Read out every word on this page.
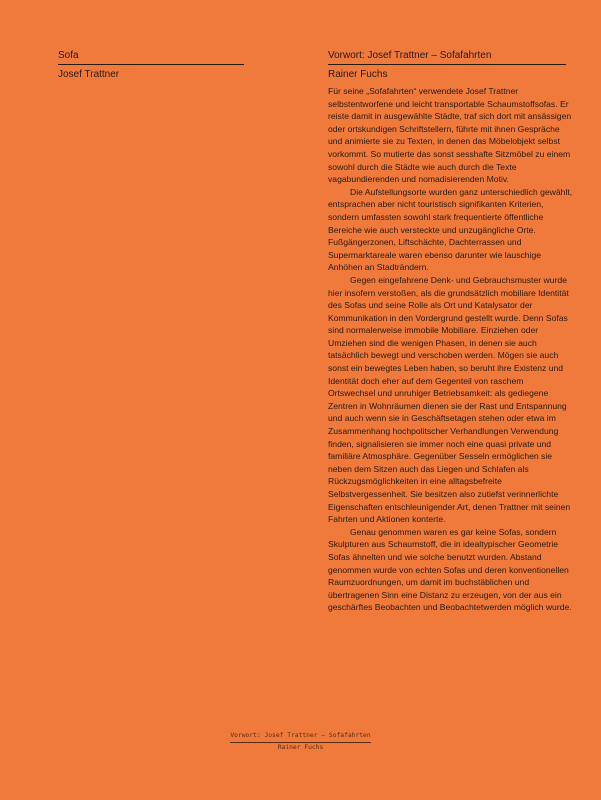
Sofa
Josef Trattner
Vorwort: Josef Trattner – Sofafahrten
Rainer Fuchs

Für seine „Sofafahrten“ verwendete Josef Trattner selbstentworfene und leicht transportable Schaumstoffsofas. Er reiste damit in ausgewählte Städte, traf sich dort mit ansässigen oder ortskundigen Schriftstellern, führte mit ihnen Gespräche und animierte sie zu Texten, in denen das Möbelobjekt selbst vorkommt. So mutierte das sonst sesshafte Sitzmöbel zu einem sowohl durch die Städte wie auch durch die Texte vagabundierenden und nomadisierenden Motiv.

Die Aufstellungsorte wurden ganz unterschiedlich gewählt, entsprachen aber nicht touristisch signifikanten Kriterien, sondern umfassten sowohl stark frequentierte öffentliche Bereiche wie auch versteckte und unzugängliche Orte. Fußgängerzonen, Liftschächte, Dachterrassen und Supermarktareale waren ebenso darunter wie lauschige Anhöhen an Stadträndern.

Gegen eingefahrene Denk- und Gebrauchsmuster wurde hier insofern verstoßen, als die grundsätzlich mobiliare Identität des Sofas und seine Rolle als Ort und Katalysator der Kommunikation in den Vordergrund gestellt wurde. Denn Sofas sind normalerweise immobile Mobiliare. Einziehen oder Umziehen sind die wenigen Phasen, in denen sie auch tatsächlich bewegt und verschoben werden. Mögen sie auch sonst ein bewegtes Leben haben, so beruht ihre Existenz und Identität doch eher auf dem Gegenteil von raschem Ortswechsel und unruhiger Betriebsamkeit: als gediegene Zentren in Wohnräumen dienen sie der Rast und Entspannung und auch wenn sie in Geschäftsetagen stehen oder etwa im Zusammenhang hochpolitscher Verhandlungen Verwendung finden, signalisieren sie immer noch eine quasi private und familiäre Atmosphäre. Gegenüber Sesseln ermöglichen sie neben dem Sitzen auch das Liegen und Schlafen als Rückzugsmöglichkeiten in eine alltagsbefreite Selbstvergessenheit. Sie besitzen also zutiefst verinnerlichte Eigenschaften entschleunigender Art, denen Trattner mit seinen Fahrten und Aktionen konterte.

Genau genommen waren es gar keine Sofas, sondern Skulpturen aus Schaumstoff, die in idealtypischer Geometrie Sofas ähnelten und wie solche benutzt wurden. Abstand genommen wurde von echten Sofas und deren konventionellen Raumzuordnungen, um damit im buchstäblichen und übertragenen Sinn eine Distanz zu erzeugen, von der aus ein geschärftes Beobachten und Beobachtetwerden möglich wurde.

Vorwort: Josef Trattner – Sofafahrten
Rainer Fuchs
